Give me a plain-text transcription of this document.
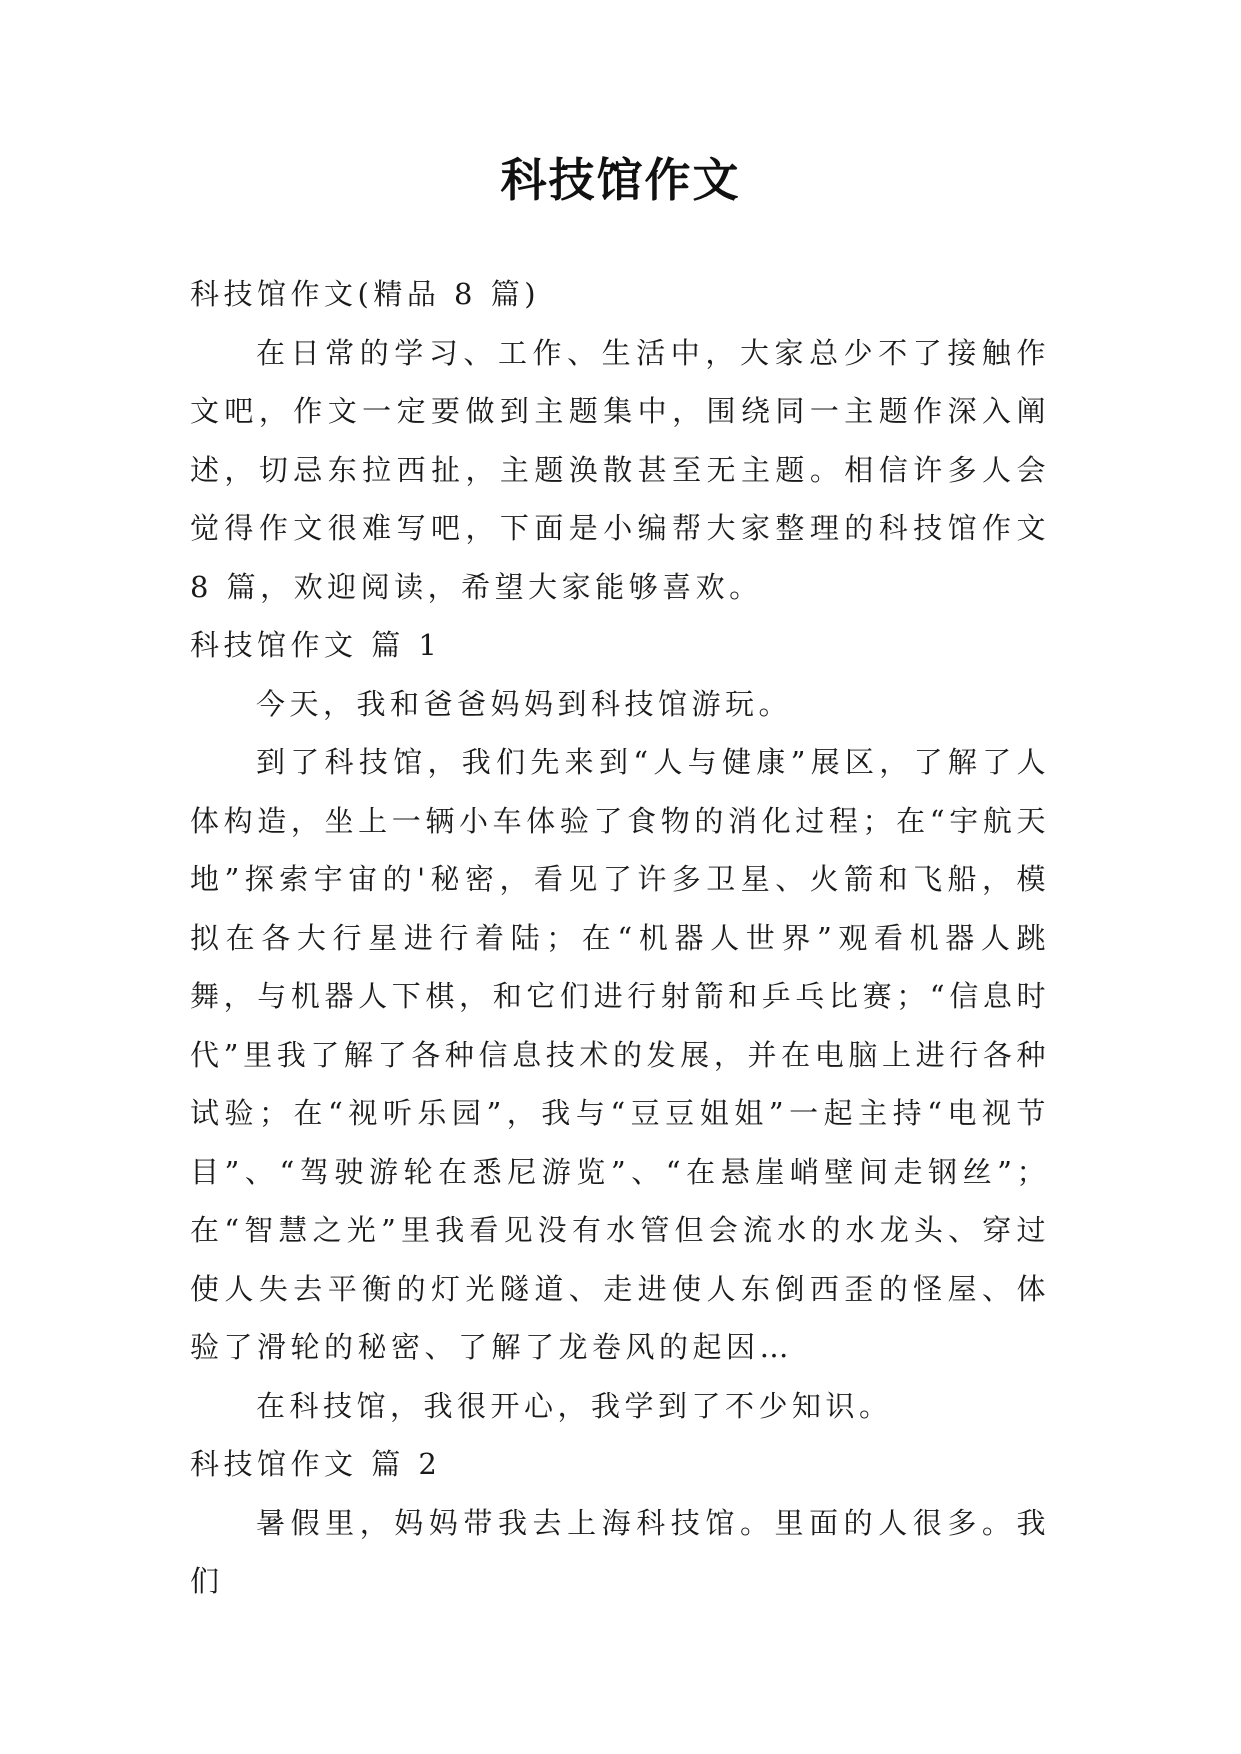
科技馆作文

科技馆作文(精品 8 篇)

在日常的学习、工作、生活中，大家总少不了接触作文吧，作文一定要做到主题集中，围绕同一主题作深入阐述，切忌东拉西扯，主题涣散甚至无主题。相信许多人会觉得作文很难写吧，下面是小编帮大家整理的科技馆作文 8 篇，欢迎阅读，希望大家能够喜欢。

科技馆作文 篇 1

今天，我和爸爸妈妈到科技馆游玩。

到了科技馆，我们先来到“人与健康”展区，了解了人体构造，坐上一辆小车体验了食物的消化过程；在“宇航天地”探索宇宙的'秘密，看见了许多卫星、火箭和飞船，模拟在各大行星进行着陆；在“机器人世界”观看机器人跳舞，与机器人下棋，和它们进行射箭和乒乓比赛；“信息时代”里我了解了各种信息技术的发展，并在电脑上进行各种试验；在“视听乐园”，我与“豆豆姐姐”一起主持“电视节目”、“驾驶游轮在悉尼游览”、“在悬崖峭壁间走钢丝”；在“智慧之光”里我看见没有水管但会流水的水龙头、穿过使人失去平衡的灯光隧道、走进使人东倒西歪的怪屋、体验了滑轮的秘密、了解了龙卷风的起因…

在科技馆，我很开心，我学到了不少知识。

科技馆作文 篇 2

暑假里，妈妈带我去上海科技馆。里面的人很多。我们
